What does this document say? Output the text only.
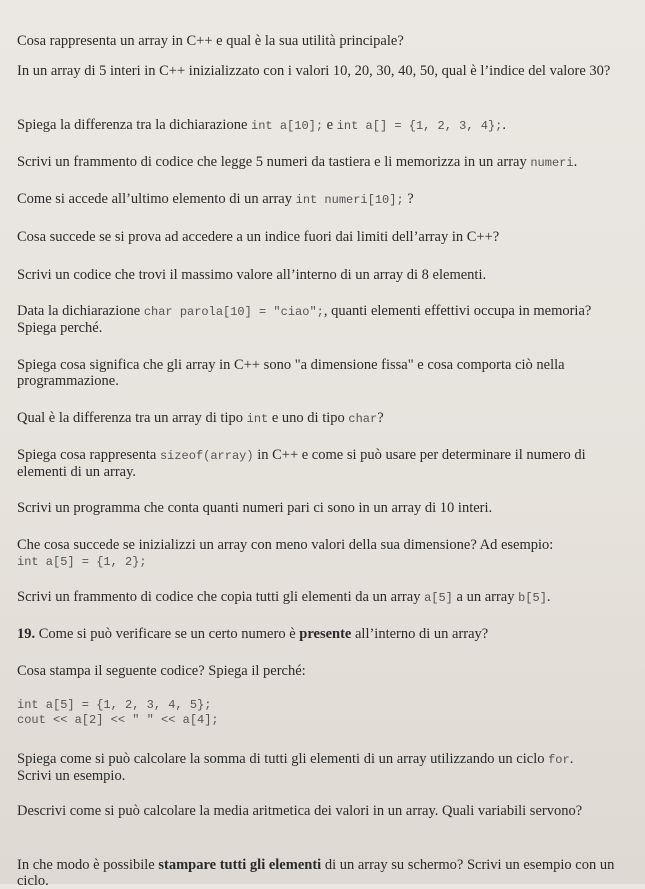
Cosa rappresenta un array in C++ e qual è la sua utilità principale?

In un array di 5 interi in C++ inizializzato con i valori 10, 20, 30, 40, 50, qual è l’indice del valore 30?

Spiega la differenza tra la dichiarazione int a[10]; e int a[] = {1, 2, 3, 4};.

Scrivi un frammento di codice che legge 5 numeri da tastiera e li memorizza in un array numeri.

Come si accede all’ultimo elemento di un array int numeri[10]; ?

Cosa succede se si prova ad accedere a un indice fuori dai limiti dell’array in C++?

Scrivi un codice che trovi il massimo valore all’interno di un array di 8 elementi.

Data la dichiarazione char parola[10] = "ciao";, quanti elementi effettivi occupa in memoria? Spiega perché.

Spiega cosa significa che gli array in C++ sono "a dimensione fissa" e cosa comporta ciò nella programmazione.

Qual è la differenza tra un array di tipo int e uno di tipo char?

Spiega cosa rappresenta sizeof(array) in C++ e come si può usare per determinare il numero di elementi di un array.

Scrivi un programma che conta quanti numeri pari ci sono in un array di 10 interi.

Che cosa succede se inizializzi un array con meno valori della sua dimensione? Ad esempio:
int a[5] = {1, 2};

Scrivi un frammento di codice che copia tutti gli elementi da un array a[5] a un array b[5].

19. Come si può verificare se un certo numero è presente all’interno di un array?

Cosa stampa il seguente codice? Spiega il perché:

int a[5] = {1, 2, 3, 4, 5};
cout << a[2] << " " << a[4];

Spiega come si può calcolare la somma di tutti gli elementi di un array utilizzando un ciclo for.
Scrivi un esempio.

Descrivi come si può calcolare la media aritmetica dei valori in un array. Quali variabili servono?

In che modo è possibile stampare tutti gli elementi di un array su schermo? Scrivi un esempio con un ciclo.
